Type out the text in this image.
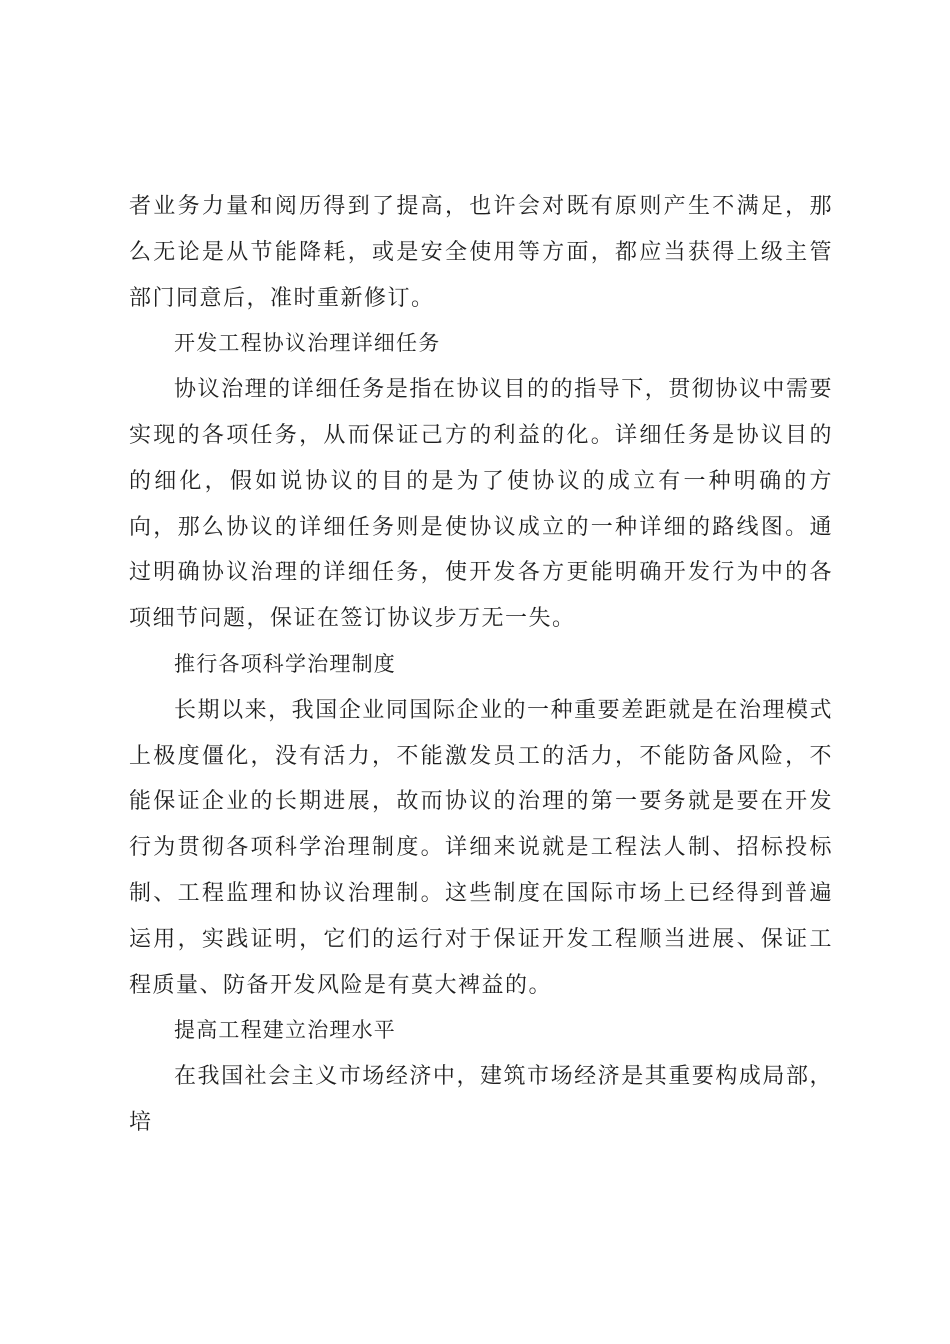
者业务力量和阅历得到了提高，也许会对既有原则产生不满足，那么无论是从节能降耗，或是安全使用等方面，都应当获得上级主管部门同意后，准时重新修订。

开发工程协议治理详细任务

协议治理的详细任务是指在协议目的的指导下，贯彻协议中需要实现的各项任务，从而保证己方的利益的化。详细任务是协议目的的细化，假如说协议的目的是为了使协议的成立有一种明确的方向，那么协议的详细任务则是使协议成立的一种详细的路线图。通过明确协议治理的详细任务，使开发各方更能明确开发行为中的各项细节问题，保证在签订协议步万无一失。

推行各项科学治理制度

长期以来，我国企业同国际企业的一种重要差距就是在治理模式上极度僵化，没有活力，不能激发员工的活力，不能防备风险，不能保证企业的长期进展，故而协议的治理的第一要务就是要在开发行为贯彻各项科学治理制度。详细来说就是工程法人制、招标投标制、工程监理和协议治理制。这些制度在国际市场上已经得到普遍运用，实践证明，它们的运行对于保证开发工程顺当进展、保证工程质量、防备开发风险是有莫大裨益的。

提高工程建立治理水平

在我国社会主义市场经济中，建筑市场经济是其重要构成局部，培
